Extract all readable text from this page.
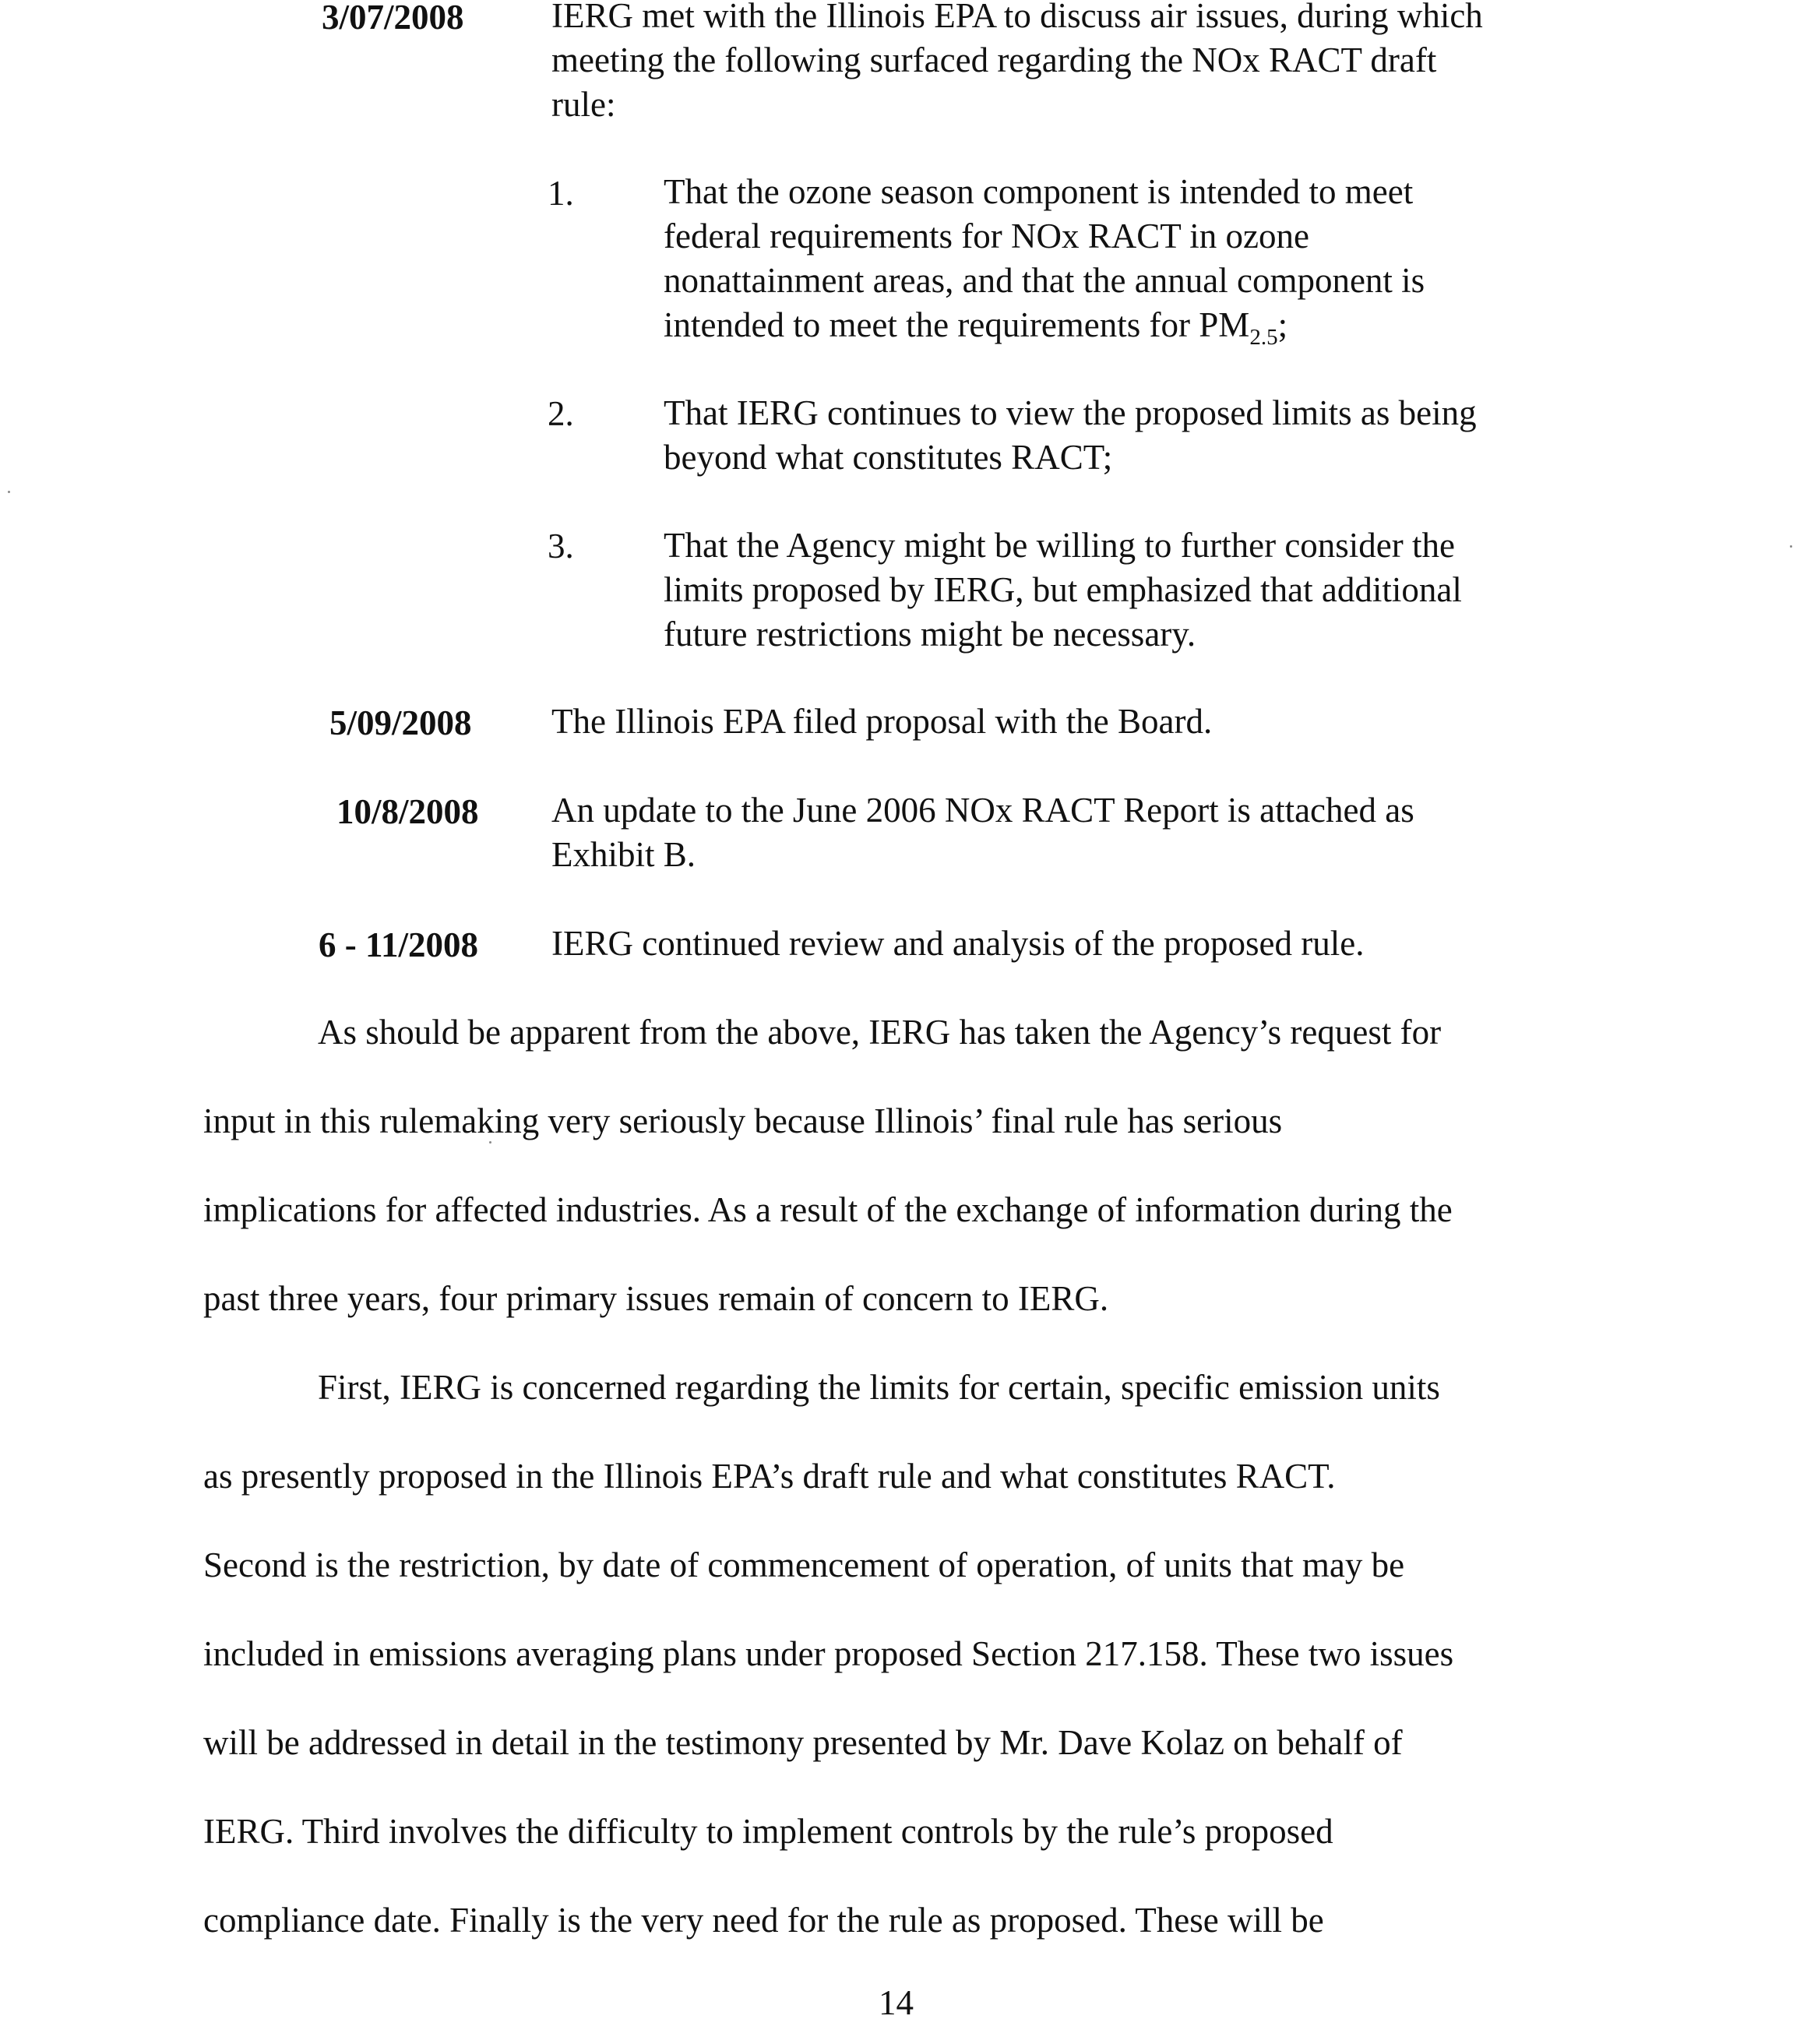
3/07/2008 IERG met with the Illinois EPA to discuss air issues, during which
meeting the following surfaced regarding the NOx RACT draft
rule:
1.	That the ozone season component is intended to meet
federal requirements for NOx RACT in ozone
nonattainment areas, and that the annual component is
intended to meet the requirements for $PM_{2.5}$;
2.	That IERG continues to view the proposed limits as being
beyond what constitutes RACT;
3.	That the Agency might be willing to further consider the
limits proposed by IERG, but emphasized that additional
future restrictions might be necessary.
5/09/2008 The Illinois EPA filed proposal with the Board.
10/8/2008 An update to the June 2006 NOx RACT Report is attached as
Exhibit B.
6 - 11/2008 IERG continued review and analysis of the proposed rule.
As should be apparent from the above, IERG has taken the Agency’s request for
input in this rulemaking very seriously because Illinois’ final rule has serious
implications for affected industries. As a result of the exchange of information during the
past three years, four primary issues remain of concern to IERG.
First, IERG is concerned regarding the limits for certain, specific emission units
as presently proposed in the Illinois EPA’s draft rule and what constitutes RACT.
Second is the restriction, by date of commencement of operation, of units that may be
included in emissions averaging plans under proposed Section 217.158. These two issues
will be addressed in detail in the testimony presented by Mr. Dave Kolaz on behalf of
IERG. Third involves the difficulty to implement controls by the rule’s proposed
compliance date. Finally is the very need for the rule as proposed. These will be
14
